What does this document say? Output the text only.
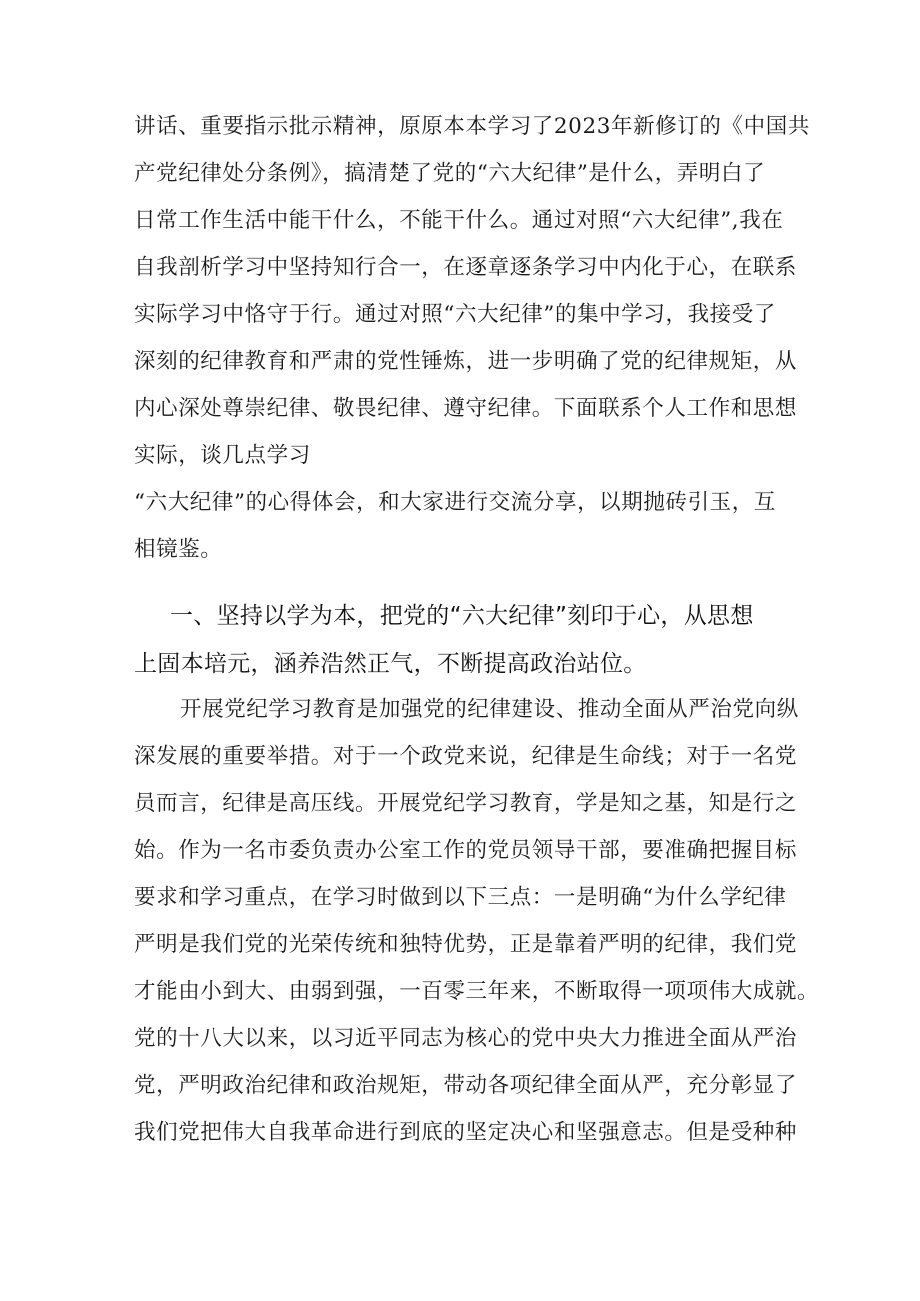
讲话、重要指示批示精神，原原本本学习了2023年新修订的《中国共
产党纪律处分条例》，搞清楚了党的“六大纪律”是什么，弄明白了
日常工作生活中能干什么，不能干什么。通过对照“六大纪律”,我在
自我剖析学习中坚持知行合一，在逐章逐条学习中内化于心，在联系
实际学习中恪守于行。通过对照“六大纪律”的集中学习，我接受了
深刻的纪律教育和严肃的党性锤炼，进一步明确了党的纪律规矩，从
内心深处尊崇纪律、敬畏纪律、遵守纪律。下面联系个人工作和思想
实际，谈几点学习
“六大纪律”的心得体会，和大家进行交流分享，以期抛砖引玉，互
相镜鉴。
一、坚持以学为本，把党的“六大纪律”刻印于心，从思想
上固本培元，涵养浩然正气，不断提高政治站位。
开展党纪学习教育是加强党的纪律建设、推动全面从严治党向纵
深发展的重要举措。对于一个政党来说，纪律是生命线；对于一名党
员而言，纪律是高压线。开展党纪学习教育，学是知之基，知是行之
始。作为一名市委负责办公室工作的党员领导干部，要准确把握目标
要求和学习重点，在学习时做到以下三点：一是明确“为什么学纪律
严明是我们党的光荣传统和独特优势，正是靠着严明的纪律，我们党
才能由小到大、由弱到强，一百零三年来，不断取得一项项伟大成就。
党的十八大以来，以习近平同志为核心的党中央大力推进全面从严治
党，严明政治纪律和政治规矩，带动各项纪律全面从严，充分彰显了
我们党把伟大自我革命进行到底的坚定决心和坚强意志。但是受种种
